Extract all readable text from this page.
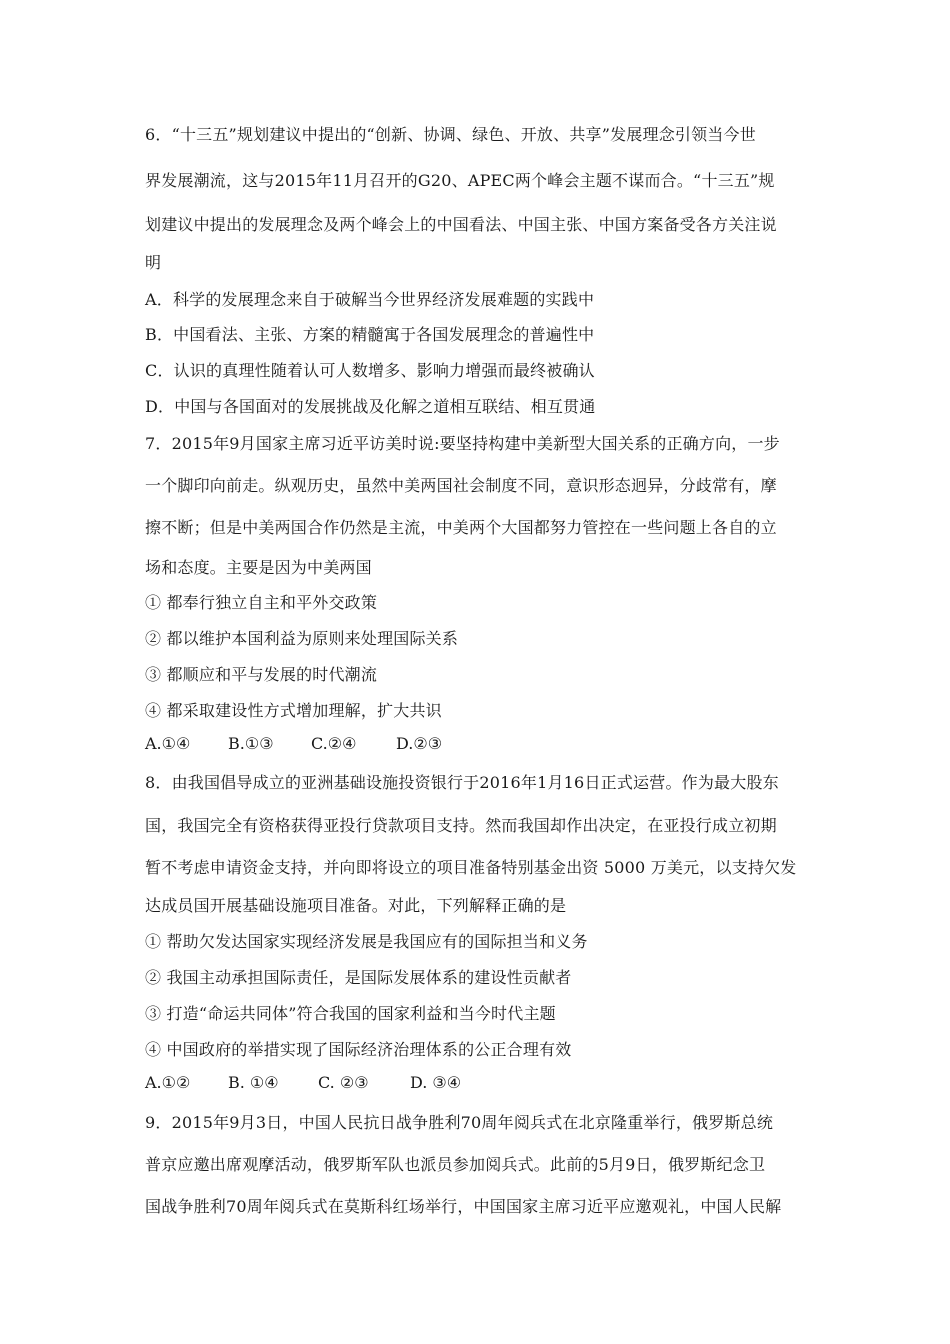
6．“十三五”规划建议中提出的“创新、协调、绿色、开放、共享”发展理念引领当今世
界发展潮流，这与2015年11月召开的G20、APEC两个峰会主题不谋而合。“十三五”规
划建议中提出的发展理念及两个峰会上的中国看法、中国主张、中国方案备受各方关注说
明
A．科学的发展理念来自于破解当今世界经济发展难题的实践中
B．中国看法、主张、方案的精髓寓于各国发展理念的普遍性中
C．认识的真理性随着认可人数增多、影响力增强而最终被确认
D．中国与各国面对的发展挑战及化解之道相互联结、相互贯通
7．2015年9月国家主席习近平访美时说:要坚持构建中美新型大国关系的正确方向，一步
一个脚印向前走。纵观历史，虽然中美两国社会制度不同，意识形态迥异，分歧常有，摩
擦不断；但是中美两国合作仍然是主流，中美两个大国都努力管控在一些问题上各自的立
场和态度。主要是因为中美两国
① 都奉行独立自主和平外交政策
② 都以维护本国利益为原则来处理国际关系
③ 都顺应和平与发展的时代潮流
④ 都采取建设性方式增加理解，扩大共识
A.①④ B.①③ C.②④ D.②③
8．由我国倡导成立的亚洲基础设施投资银行于2016年1月16日正式运营。作为最大股东
国，我国完全有资格获得亚投行贷款项目支持。然而我国却作出决定，在亚投行成立初期
暂不考虑申请资金支持，并向即将设立的项目准备特别基金出资 5000 万美元，以支持欠发
达成员国开展基础设施项目准备。对此，下列解释正确的是
① 帮助欠发达国家实现经济发展是我国应有的国际担当和义务
② 我国主动承担国际责任，是国际发展体系的建设性贡献者
③ 打造“命运共同体”符合我国的国家利益和当今时代主题
④ 中国政府的举措实现了国际经济治理体系的公正合理有效
A.①② B. ①④ C. ②③	D. ③④
9．2015年9月3日，中国人民抗日战争胜利70周年阅兵式在北京隆重举行，俄罗斯总统
普京应邀出席观摩活动，俄罗斯军队也派员参加阅兵式。此前的5月9日，俄罗斯纪念卫
国战争胜利70周年阅兵式在莫斯科红场举行，中国国家主席习近平应邀观礼，中国人民解
